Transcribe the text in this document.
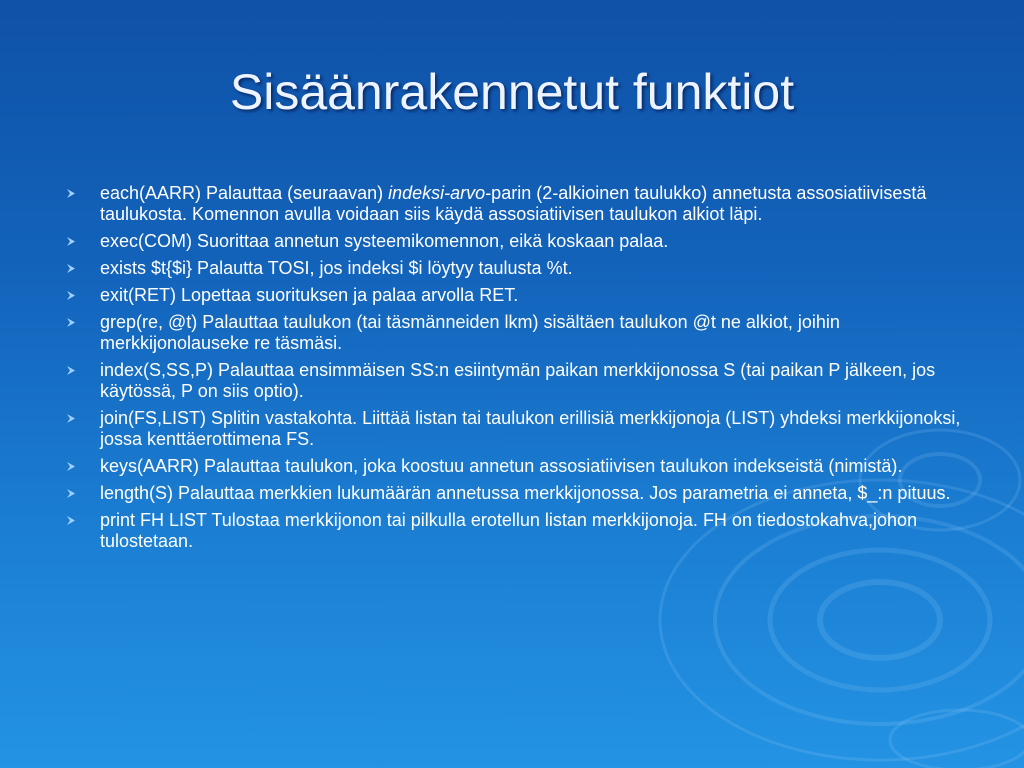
Sisäänrakennetut funktiot
each(AARR) Palauttaa (seuraavan) indeksi-arvo-parin (2-alkioinen taulukko) annetusta assosiatiivisestä taulukosta. Komennon avulla voidaan siis käydä assosiatiivisen taulukon alkiot läpi.
exec(COM) Suorittaa annetun systeemikomennon, eikä koskaan palaa.
exists $t{$i} Palautta TOSI, jos indeksi $i löytyy taulusta %t.
exit(RET) Lopettaa suorituksen ja palaa arvolla RET.
grep(re, @t) Palauttaa taulukon (tai täsmänneiden lkm) sisältäen taulukon @t ne alkiot, joihin merkkijonolauseke re täsmäsi.
index(S,SS,P) Palauttaa ensimmäisen SS:n esiintymän paikan merkkijonossa S (tai paikan P jälkeen, jos käytössä, P on siis optio).
join(FS,LIST) Splitin vastakohta. Liittää listan tai taulukon erillisiä merkkijonoja (LIST) yhdeksi merkkijonoksi, jossa kenttäerottimena FS.
keys(AARR) Palauttaa taulukon, joka koostuu annetun assosiatiivisen taulukon indekseistä (nimistä).
length(S) Palauttaa merkkien lukumäärän annetussa merkkijonossa. Jos parametria ei anneta, $_:n pituus.
print FH LIST Tulostaa merkkijonon tai pilkulla erotellun listan merkkijonoja. FH on tiedostokahva,johon tulostetaan.
